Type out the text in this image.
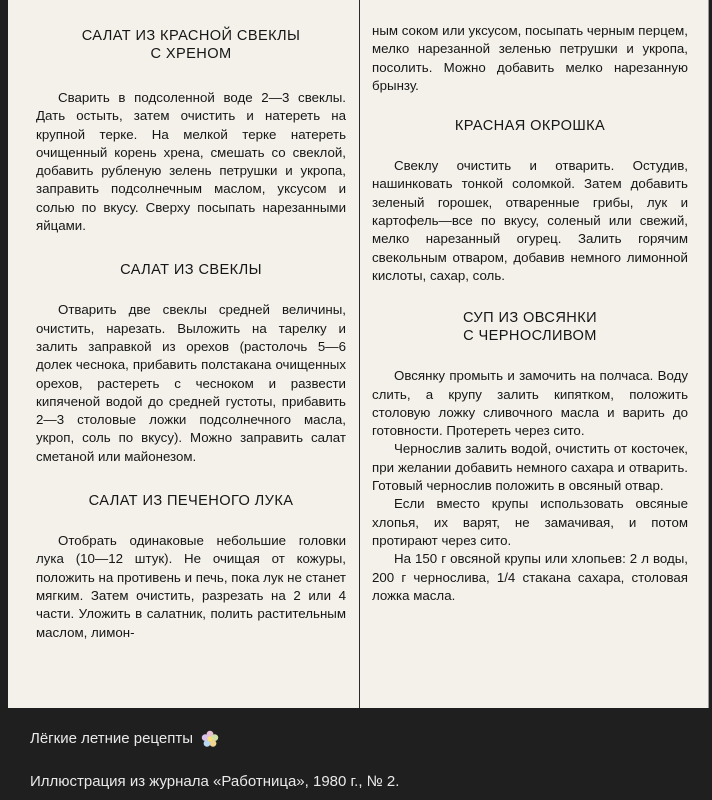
САЛАТ ИЗ КРАСНОЙ СВЕКЛЫ
С ХРЕНОМ

Сварить в подсоленной воде 2—3 свеклы. Дать остыть, затем очистить и натереть на крупной терке. На мелкой терке натереть очищенный корень хрена, смешать со свеклой, добавить рубленую зелень петрушки и укропа, заправить подсолнечным маслом, уксусом и солью по вкусу. Сверху посыпать нарезанными яйцами.

САЛАТ ИЗ СВЕКЛЫ

Отварить две свеклы средней величины, очистить, нарезать. Выложить на тарелку и залить заправкой из орехов (растолочь 5—6 долек чеснока, прибавить полстакана очищенных орехов, растереть с чесноком и развести кипяченой водой до средней густоты, прибавить 2—3 столовые ложки подсолнечного масла, укроп, соль по вкусу). Можно заправить салат сметаной или майонезом.

САЛАТ ИЗ ПЕЧЕНОГО ЛУКА

Отобрать одинаковые небольшие головки лука (10—12 штук). Не очищая от кожуры, положить на противень и печь, пока лук не станет мягким. Затем очистить, разрезать на 2 или 4 части. Уложить в салатник, полить растительным маслом, лимон-

ным соком или уксусом, посыпать черным перцем, мелко нарезанной зеленью петрушки и укропа, посолить. Можно добавить мелко нарезанную брынзу.

КРАСНАЯ ОКРОШКА

Свеклу очистить и отварить. Остудив, нашинковать тонкой соломкой. Затем добавить зеленый горошек, отваренные грибы, лук и картофель—все по вкусу, соленый или свежий, мелко нарезанный огурец. Залить горячим свекольным отваром, добавив немного лимонной кислоты, сахар, соль.

СУП ИЗ ОВСЯНКИ
С ЧЕРНОСЛИВОМ

Овсянку промыть и замочить на полчаса. Воду слить, а крупу залить кипятком, положить столовую ложку сливочного масла и варить до готовности. Протереть через сито.

Чернослив залить водой, очистить от косточек, при желании добавить немного сахара и отварить. Готовый чернослив положить в овсяный отвар.

Если вместо крупы использовать овсяные хлопья, их варят, не замачивая, и потом протирают через сито.

На 150 г овсяной крупы или хлопьев: 2 л воды, 200 г чернослива, 1/4 стакана сахара, столовая ложка масла.

Лёгкие летние рецепты
Иллюстрация из журнала «Работница», 1980 г., № 2.
